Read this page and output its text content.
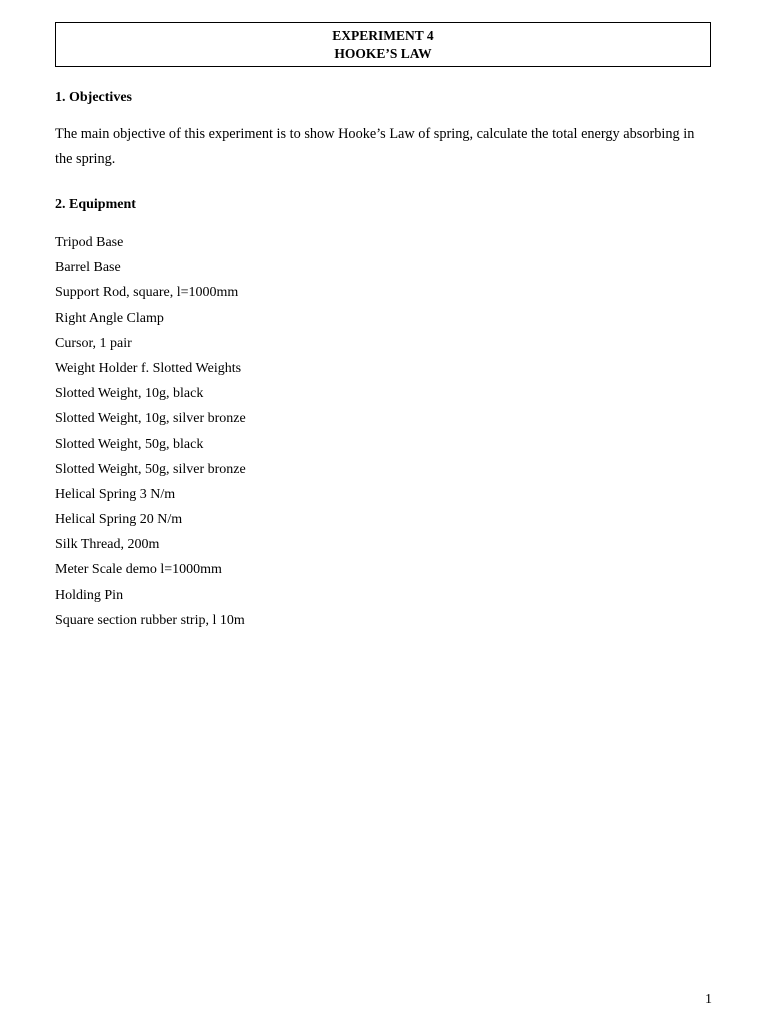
EXPERIMENT 4
HOOKE’S LAW
1. Objectives

The main objective of this experiment is to show Hooke’s Law of spring, calculate the total energy absorbing in the spring.

2. Equipment
Tripod Base
Barrel Base
Support Rod, square, l=1000mm
Right Angle Clamp
Cursor, 1 pair
Weight Holder f. Slotted Weights
Slotted Weight, 10g, black
Slotted Weight, 10g, silver bronze
Slotted Weight, 50g, black
Slotted Weight, 50g, silver bronze
Helical Spring 3 N/m
Helical Spring 20 N/m
Silk Thread, 200m
Meter Scale demo l=1000mm
Holding Pin
Square section rubber strip, l 10m
1
